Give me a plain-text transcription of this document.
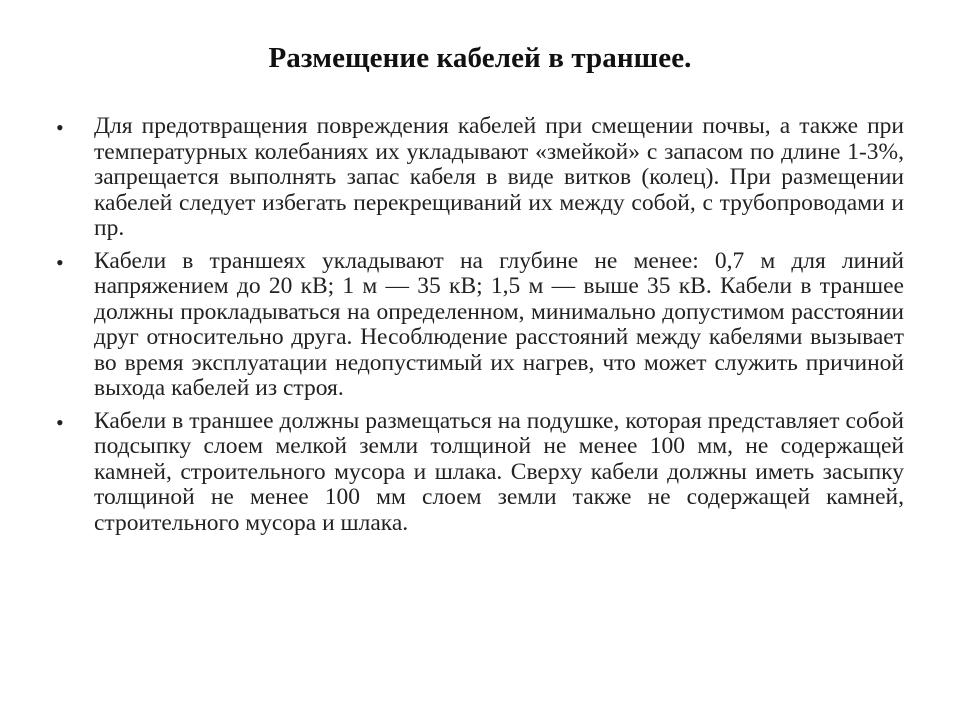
Размещение кабелей в траншее.
•	Для предотвращения повреждения кабелей при смещении почвы, а также при температурных колебаниях их укладывают «змейкой» с запасом по длине 1-3%, запрещается выполнять запас кабеля в виде витков (колец). При размещении кабелей следует избегать перекрещиваний их между собой, с трубопроводами и пр.
•	Кабели в траншеях укладывают на глубине не менее: 0,7 м для линий напряжением до 20 кВ; 1 м — 35 кВ; 1,5 м — выше 35 кВ. Кабели в траншее должны прокладываться на определенном, минимально допустимом расстоянии друг относительно друга. Несоблюдение расстояний между кабелями вызывает во время эксплуатации недопустимый их нагрев, что может служить причиной выхода кабелей из строя.
•	Кабели в траншее должны размещаться на подушке, которая представляет собой подсыпку слоем мелкой земли толщиной не менее 100 мм, не содержащей камней, строительного мусора и шлака. Сверху кабели должны иметь засыпку толщиной не менее 100 мм слоем земли также не содержащей камней, строительного мусора и шлака.
